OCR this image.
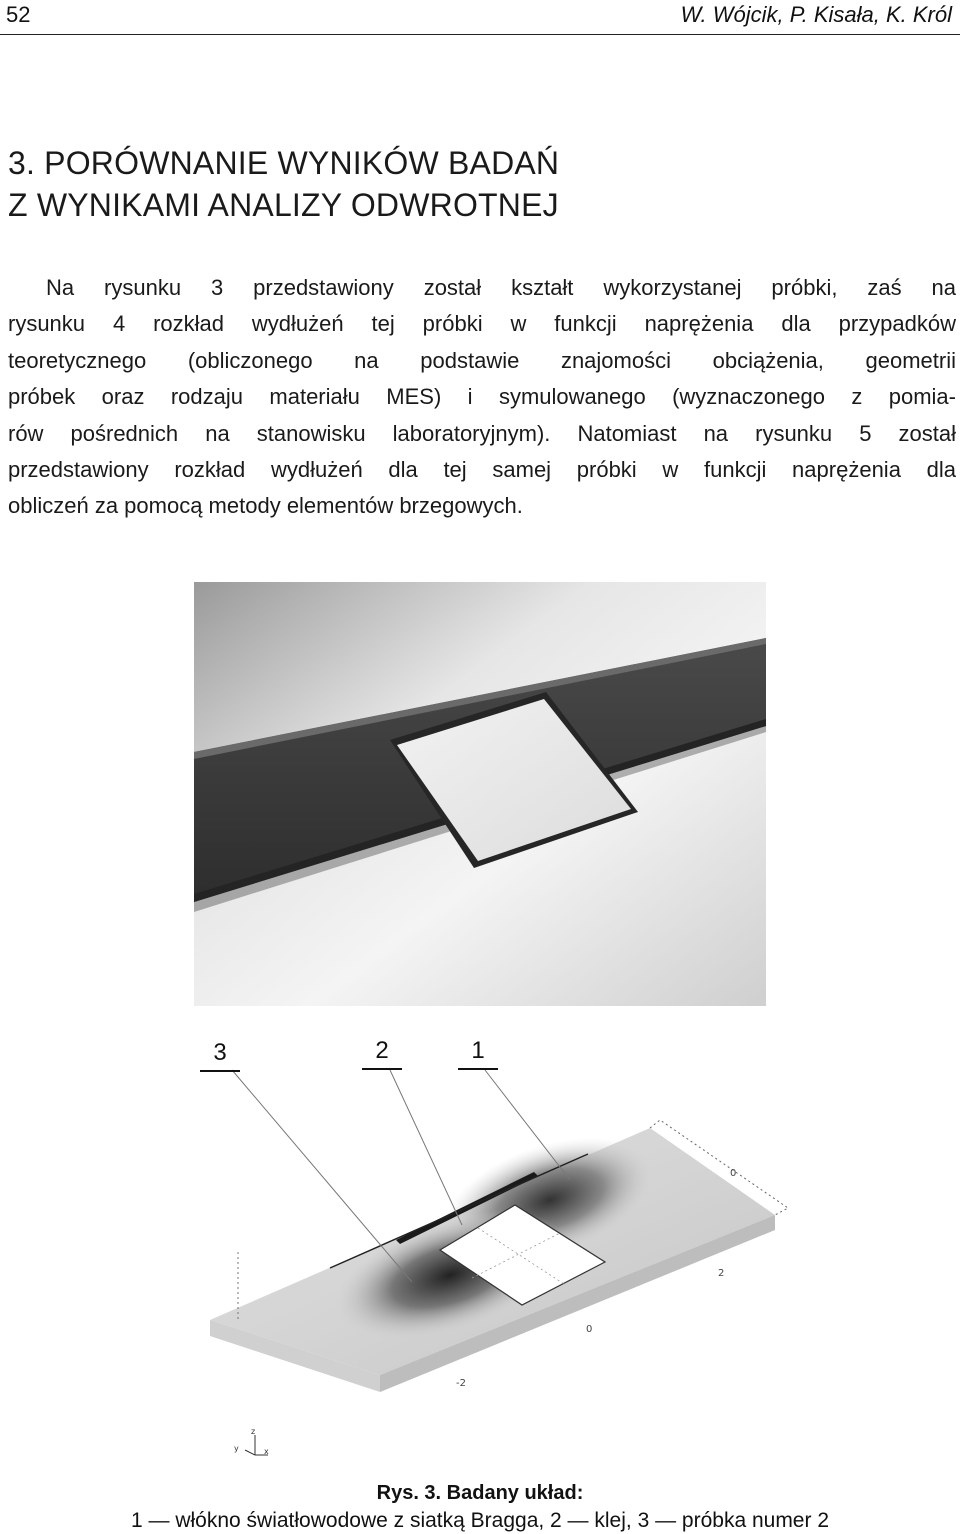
52	W. Wójcik, P. Kisała, K. Król
3. PORÓWNANIE WYNIKÓW BADAŃ
Z WYNIKAMI ANALIZY ODWROTNEJ
Na rysunku 3 przedstawiony został kształt wykorzystanej próbki, zaś na
rysunku 4 rozkład wydłużeń tej próbki w funkcji naprężenia dla przypadków
teoretycznego (obliczonego na podstawie znajomości obciążenia, geometrii
próbek oraz rodzaju materiału MES) i symulowanego (wyznaczonego z pomia-
rów pośrednich na stanowisku laboratoryjnym). Natomiast na rysunku 5 został
przedstawiony rozkład wydłużeń dla tej samej próbki w funkcji naprężenia dla
obliczeń za pomocą metody elementów brzegowych.
0
2
0
-2
z
y	x
3	2	1
Rys. 3. Badany układ:
1 — włókno światłowodowe z siatką Bragga, 2 — klej, 3 — próbka numer 2
